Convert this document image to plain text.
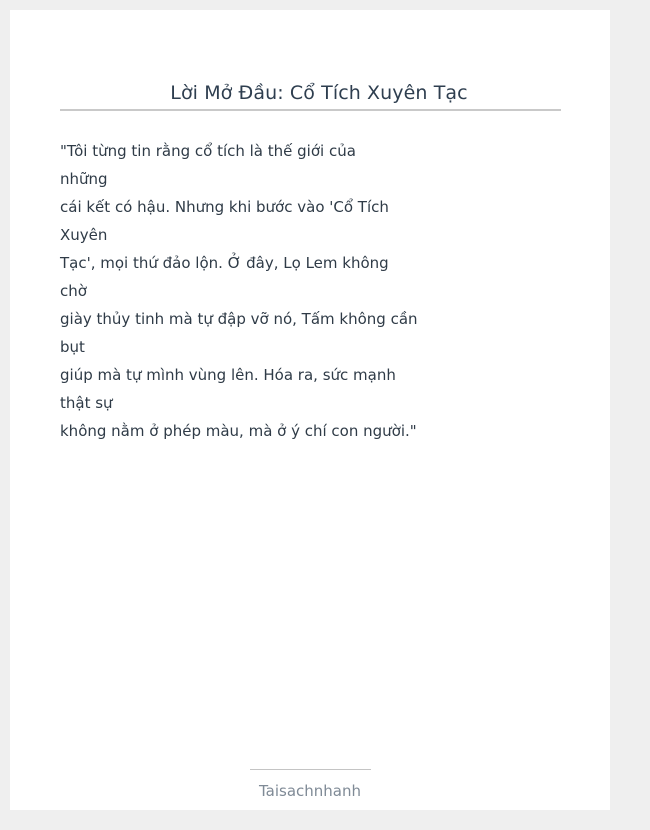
Lời Mở Đầu: Cổ Tích Xuyên Tạc
"Tôi từng tin rằng cổ tích là thế giới của
những
cái kết có hậu. Nhưng khi bước vào 'Cổ Tích
Xuyên
Tạc', mọi thứ đảo lộn. Ở đây, Lọ Lem không
chờ
giày thủy tinh mà tự đập vỡ nó, Tấm không cần
bụt
giúp mà tự mình vùng lên. Hóa ra, sức mạnh
thật sự
không nằm ở phép màu, mà ở ý chí con người."
Taisachnhanh
